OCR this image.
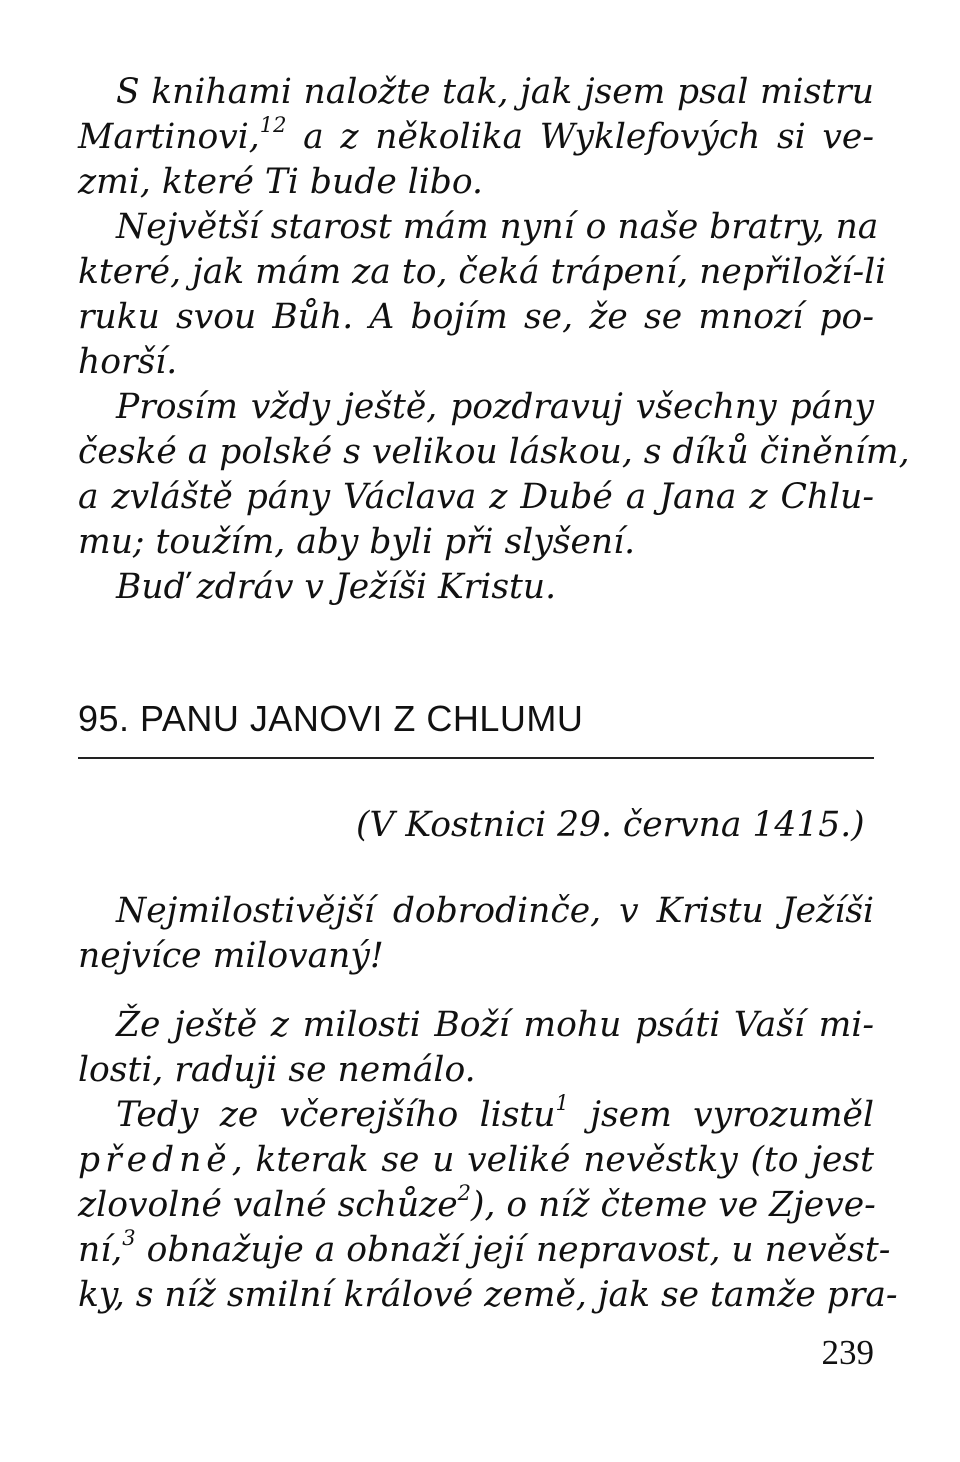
S knihami naložte tak, jak jsem psal mistru
Martinovi,$^{12}$ a z několika Wyklefových si ve-
zmi, které Ti bude libo.
Největší starost mám nyní o naše bratry, na
které, jak mám za to, čeká trápení, nepřiloží-li
ruku svou Bůh. A bojím se, že se mnozí po-
horší.
Prosím vždy ještě, pozdravuj všechny pány
české a polské s velikou láskou, s díků činěním,
a zvláště pány Václava z Dubé a Jana z Chlu-
mu; toužím, aby byli při slyšení.
Buď zdráv v Ježíši Kristu.
95. PANU JANOVI Z CHLUMU
(V Kostnici 29. června 1415.)
Nejmilostivější dobrodinče, v Kristu Ježíši
nejvíce milovaný!
Že ještě z milosti Boží mohu psáti Vaší mi-
losti, raduji se nemálo.
Tedy ze včerejšího listu$^1$ jsem vyrozuměl
předně, kterak se u veliké nevěstky (to jest
zlovolné valné schůze$^2$), o níž čteme ve Zjeve-
ní,$^3$ obnažuje a obnaží její nepravost, u nevěst-
ky, s níž smilní králové země, jak se tamže pra-
239
